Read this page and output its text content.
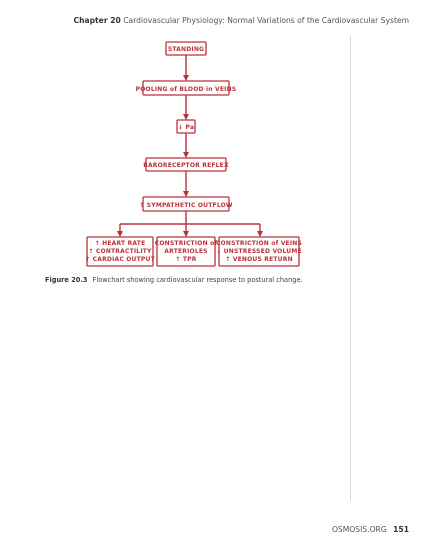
Chapter 20 Cardiovascular Physiology: Normal Variations of the Cardiovascular System
STANDING
POOLING of BLOOD in VEINS
↓ Pa
BARORECEPTOR REFLEX
↑ SYMPATHETIC OUTFLOW
↑ HEART RATE
↑ CONTRACTILITY
↑ CARDIAC OUTPUT
CONSTRICTION of
ARTERIOLES
↑ TPR
CONSTRICTION of VEINS
↓ UNSTRESSED VOLUME
↑ VENOUS RETURN
Figure 20.3 Flowchart showing cardiovascular response to postural change.
OSMOSIS.ORG 151
